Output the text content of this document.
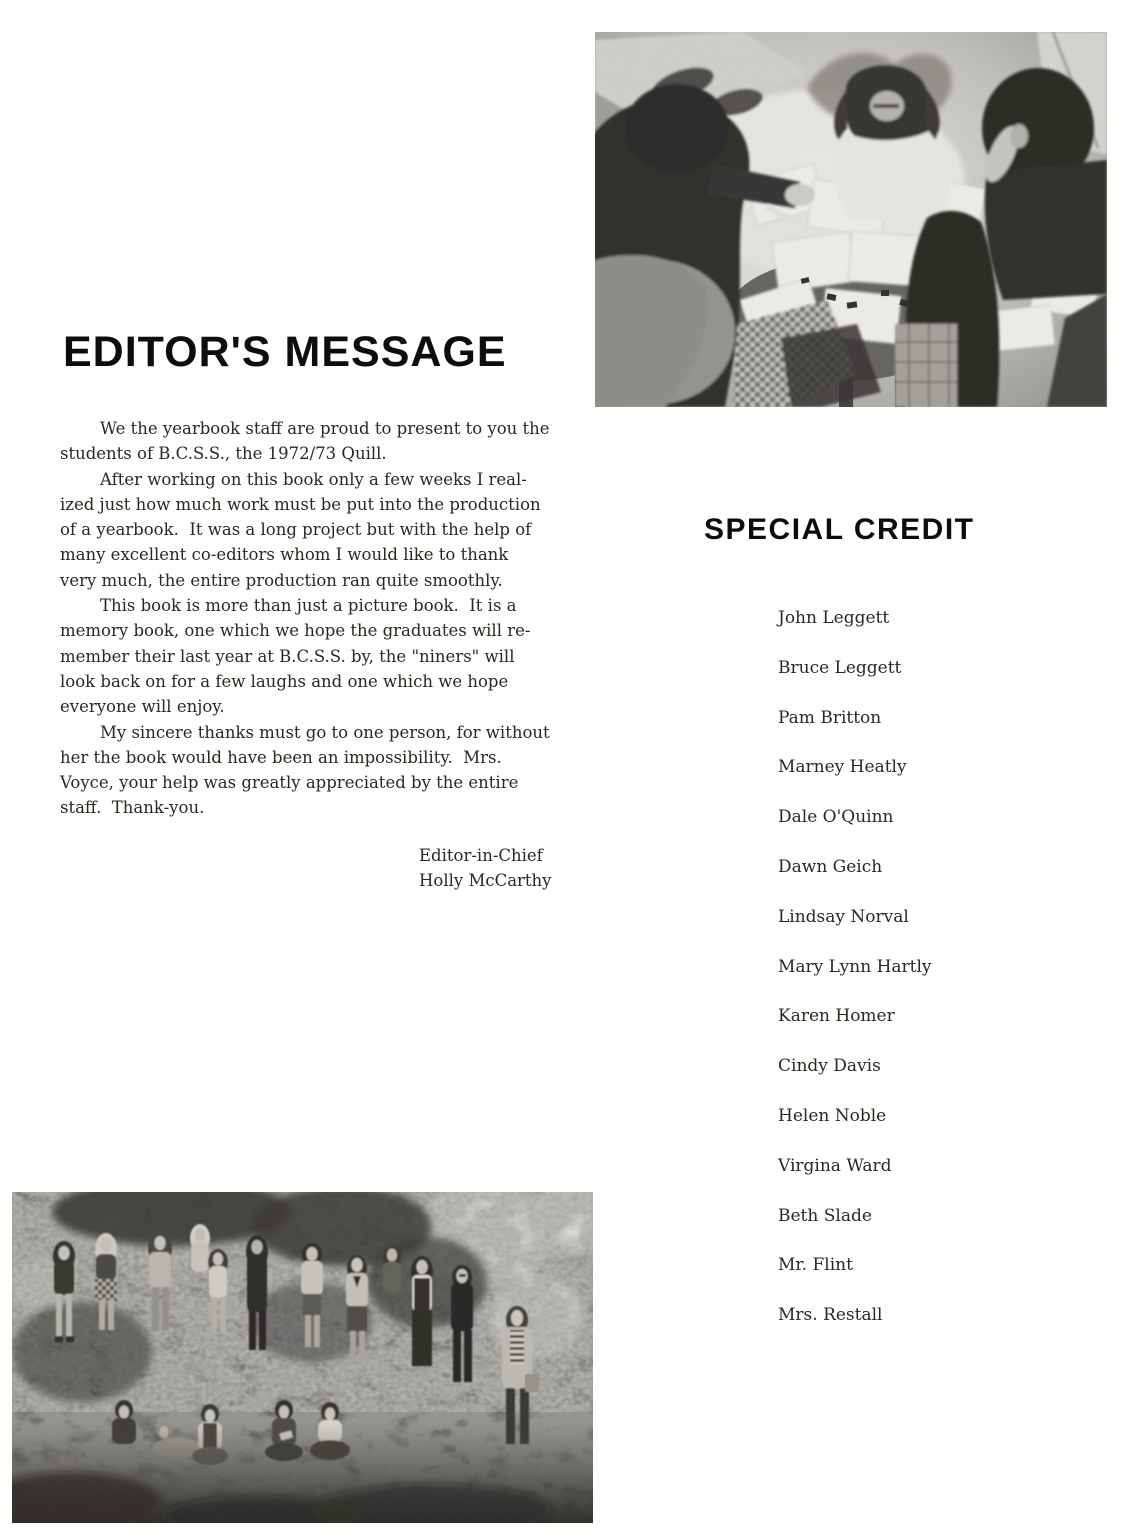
EDITOR'S MESSAGE
We the yearbook staff are proud to present to you the
students of B.C.S.S., the 1972/73 Quill.
After working on this book only a few weeks I real-
ized just how much work must be put into the production
of a yearbook.  It was a long project but with the help of
many excellent co-editors whom I would like to thank
very much, the entire production ran quite smoothly.
This book is more than just a picture book.  It is a
memory book, one which we hope the graduates will re-
member their last year at B.C.S.S. by, the "niners" will
look back on for a few laughs and one which we hope
everyone will enjoy.
My sincere thanks must go to one person, for without
her the book would have been an impossibility.  Mrs.
Voyce, your help was greatly appreciated by the entire
staff.  Thank-you.
Editor-in-Chief
Holly McCarthy
SPECIAL CREDIT
John Leggett
Bruce Leggett
Pam Britton
Marney Heatly
Dale O'Quinn
Dawn Geich
Lindsay Norval
Mary Lynn Hartly
Karen Homer
Cindy Davis
Helen Noble
Virgina Ward
Beth Slade
Mr. Flint
Mrs. Restall
